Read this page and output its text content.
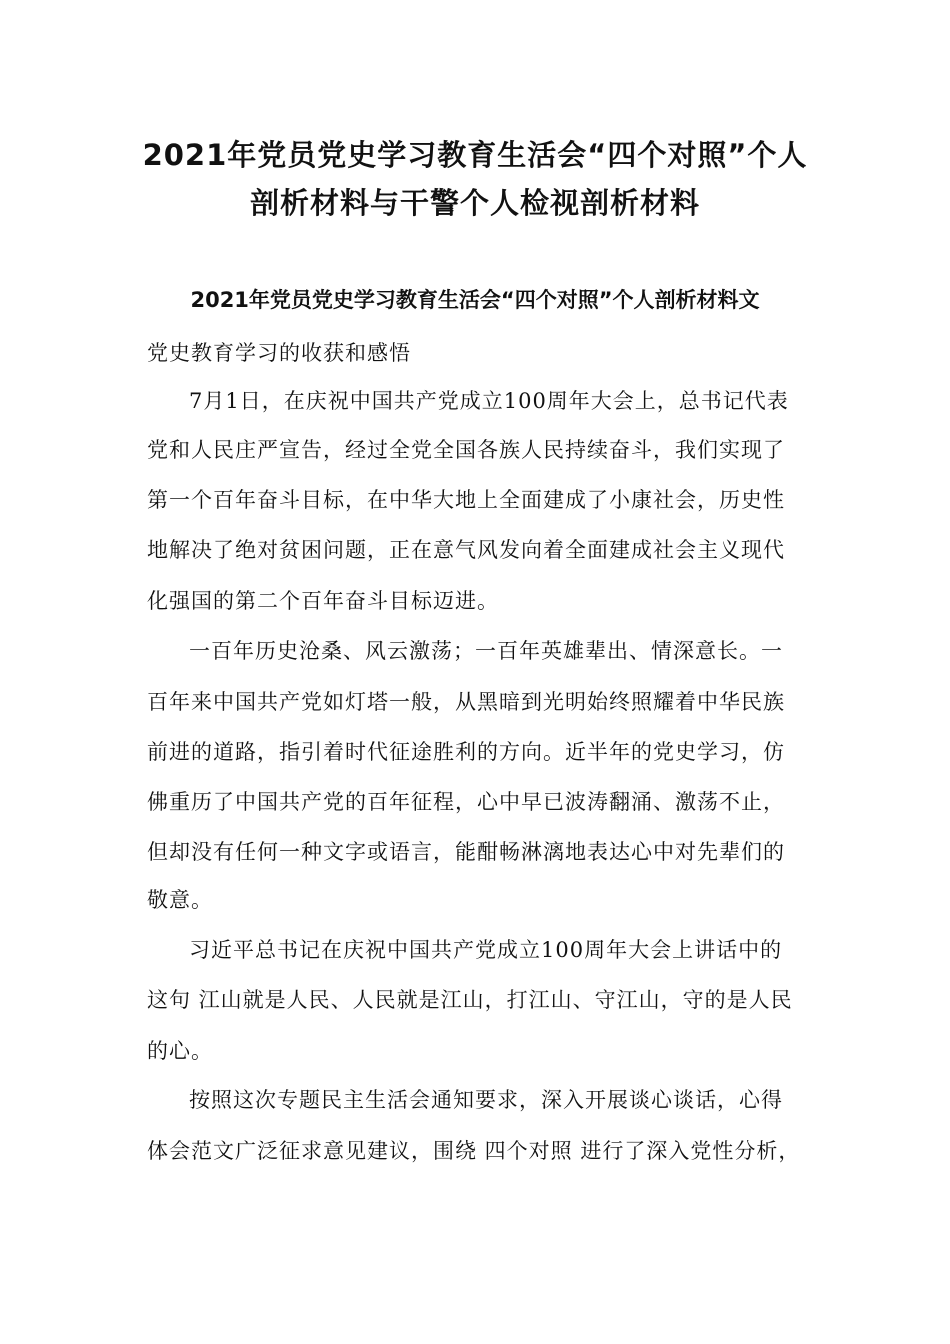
2021年党员党史学习教育生活会“四个对照”个人
剖析材料与干警个人检视剖析材料
2021年党员党史学习教育生活会“四个对照”个人剖析材料文

党史教育学习的收获和感悟

7月1日，在庆祝中国共产党成立100周年大会上，总书记代表

党和人民庄严宣告，经过全党全国各族人民持续奋斗，我们实现了

第一个百年奋斗目标，在中华大地上全面建成了小康社会，历史性

地解决了绝对贫困问题，正在意气风发向着全面建成社会主义现代

化强国的第二个百年奋斗目标迈进。

一百年历史沧桑、风云激荡；一百年英雄辈出、情深意长。一

百年来中国共产党如灯塔一般，从黑暗到光明始终照耀着中华民族

前进的道路，指引着时代征途胜利的方向。近半年的党史学习，仿

佛重历了中国共产党的百年征程，心中早已波涛翻涌、激荡不止，

但却没有任何一种文字或语言，能酣畅淋漓地表达心中对先辈们的

敬意。

习近平总书记在庆祝中国共产党成立100周年大会上讲话中的

这句 江山就是人民、人民就是江山，打江山、守江山，守的是人民

的心。

按照这次专题民主生活会通知要求，深入开展谈心谈话，心得

体会范文广泛征求意见建议，围绕 四个对照 进行了深入党性分析，
